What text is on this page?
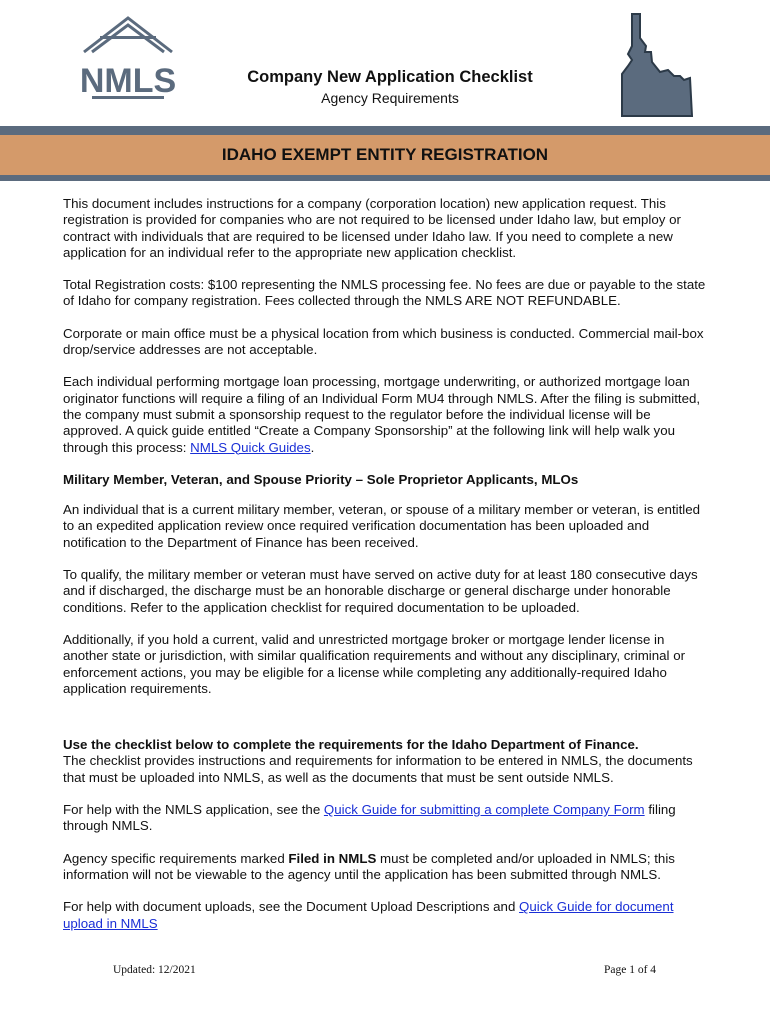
NMLS	Company New Application Checklist
Agency Requirements
IDAHO EXEMPT ENTITY REGISTRATION

This document includes instructions for a company (corporation location) new application request. This registration is provided for companies who are not required to be licensed under Idaho law, but employ or contract with individuals that are required to be licensed under Idaho law. If you need to complete a new application for an individual refer to the appropriate new application checklist.

Total Registration costs: $100 representing the NMLS processing fee. No fees are due or payable to the state of Idaho for company registration. Fees collected through the NMLS ARE NOT REFUNDABLE.

Corporate or main office must be a physical location from which business is conducted. Commercial mail-box drop/service addresses are not acceptable.

Each individual performing mortgage loan processing, mortgage underwriting, or authorized mortgage loan originator functions will require a filing of an Individual Form MU4 through NMLS. After the filing is submitted, the company must submit a sponsorship request to the regulator before the individual license will be approved. A quick guide entitled “Create a Company Sponsorship” at the following link will help walk you through this process: NMLS Quick Guides.

Military Member, Veteran, and Spouse Priority – Sole Proprietor Applicants, MLOs

An individual that is a current military member, veteran, or spouse of a military member or veteran, is entitled to an expedited application review once required verification documentation has been uploaded and notification to the Department of Finance has been received.

To qualify, the military member or veteran must have served on active duty for at least 180 consecutive days and if discharged, the discharge must be an honorable discharge or general discharge under honorable conditions. Refer to the application checklist for required documentation to be uploaded.

Additionally, if you hold a current, valid and unrestricted mortgage broker or mortgage lender license in another state or jurisdiction, with similar qualification requirements and without any disciplinary, criminal or enforcement actions, you may be eligible for a license while completing any additionally-required Idaho application requirements.

Use the checklist below to complete the requirements for the Idaho Department of Finance.
The checklist provides instructions and requirements for information to be entered in NMLS, the documents that must be uploaded into NMLS, as well as the documents that must be sent outside NMLS.

For help with the NMLS application, see the Quick Guide for submitting a complete Company Form filing through NMLS.

Agency specific requirements marked Filed in NMLS must be completed and/or uploaded in NMLS; this information will not be viewable to the agency until the application has been submitted through NMLS.

For help with document uploads, see the Document Upload Descriptions and Quick Guide for document upload in NMLS

Updated: 12/2021	Page 1 of 4
